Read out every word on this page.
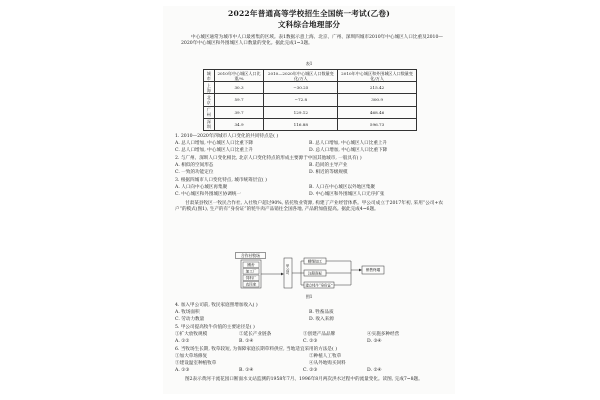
2022年普通高等学校招生全国统一考试(乙卷)
文科综合地理部分
中心城区通常为城市中人口最密集的区域。表1数据示意上海、北京、广州、深圳四城市2010年中心城区人口比重及2010—2020年中心城区和外围城区人口数量的变化。据此完成1~3题。
表1
城市	2010年中心城区人口比重/%	2010—2020年中心城区人口数量变化/万人	2010年中心城区和外围城区人口数量变化/万人
上海	30.3	−30.25	215.42
北京	59.7	−72.8	300.9
广州	39.7	129.12	468.46
深圳	34.9	116.88	596.73
1. 2010—2020年四城市人口变化的共同特点是( )
A. 总人口增加, 中心城区人口比重下降	B. 总人口增加, 中心城区人口比重上升
C. 总人口增加, 中心城区人口比重上升	D. 总人口增加, 中心城区人口比重下降
2. 与广州、深圳人口变化相比, 北京人口变化特点的形成主要源于中国其他城市, 一般具有( )
A. 相似的空间形态	B. 趋同的主导产业
C. 一致的功能定位	D. 相近的等级规模
3. 根据四城市人口变化特点, 城市统筹层宜( )
A. 人口向中心城区再集聚	B. 人口在中心城区以外地区集聚
C. 中心城区和外围城区协调统一	D. 中心城区和外围城区人口无序扩张
甘肃某县牧区一牧民合作社, 入社牧户超过90%, 依托牧业资源, 构建了产业经营体系。甲公司成立于2017年初, 采用“公司+农户”的模式(图1), 生产的有“身份证”的牦牛肉产品销往全国各地, 产品附加值提高。据此完成4~6题。
合作社牧场
圈舍
加工厂
饲料厂
农民家
甲公司
精细加工
注册商标
建立牦牛“身份证”
销售终端
图1
4. 加入甲公司前, 牧民家庭照增加收入( )
A. 牧场面积	B. 牲畜品质
C. 劳动力数量	D. 收入来源
5. 甲公司提高牧牛价值的主要途径是( )
①扩大放牧规模	②延长产业链条	③创建产品品牌	④实施多种经营
A. ①②	B. ①④	C. ②③	D. ③④
6. 当牧场生长期, 牧草较短, 为保障家庭长期草料供应, 当地适宜采用的方法是( )
①加大草场修复	②种植人工牧草
③建设温室种植牧草	④从外地购买饲料
A. ①③	B. ①④	C. ②③	D. ②④
图2表示黄河干流花园口断面水文站监测的1958年7月、1996年8月两次洪水过程中的流量变化。读图, 完成7~8题。
